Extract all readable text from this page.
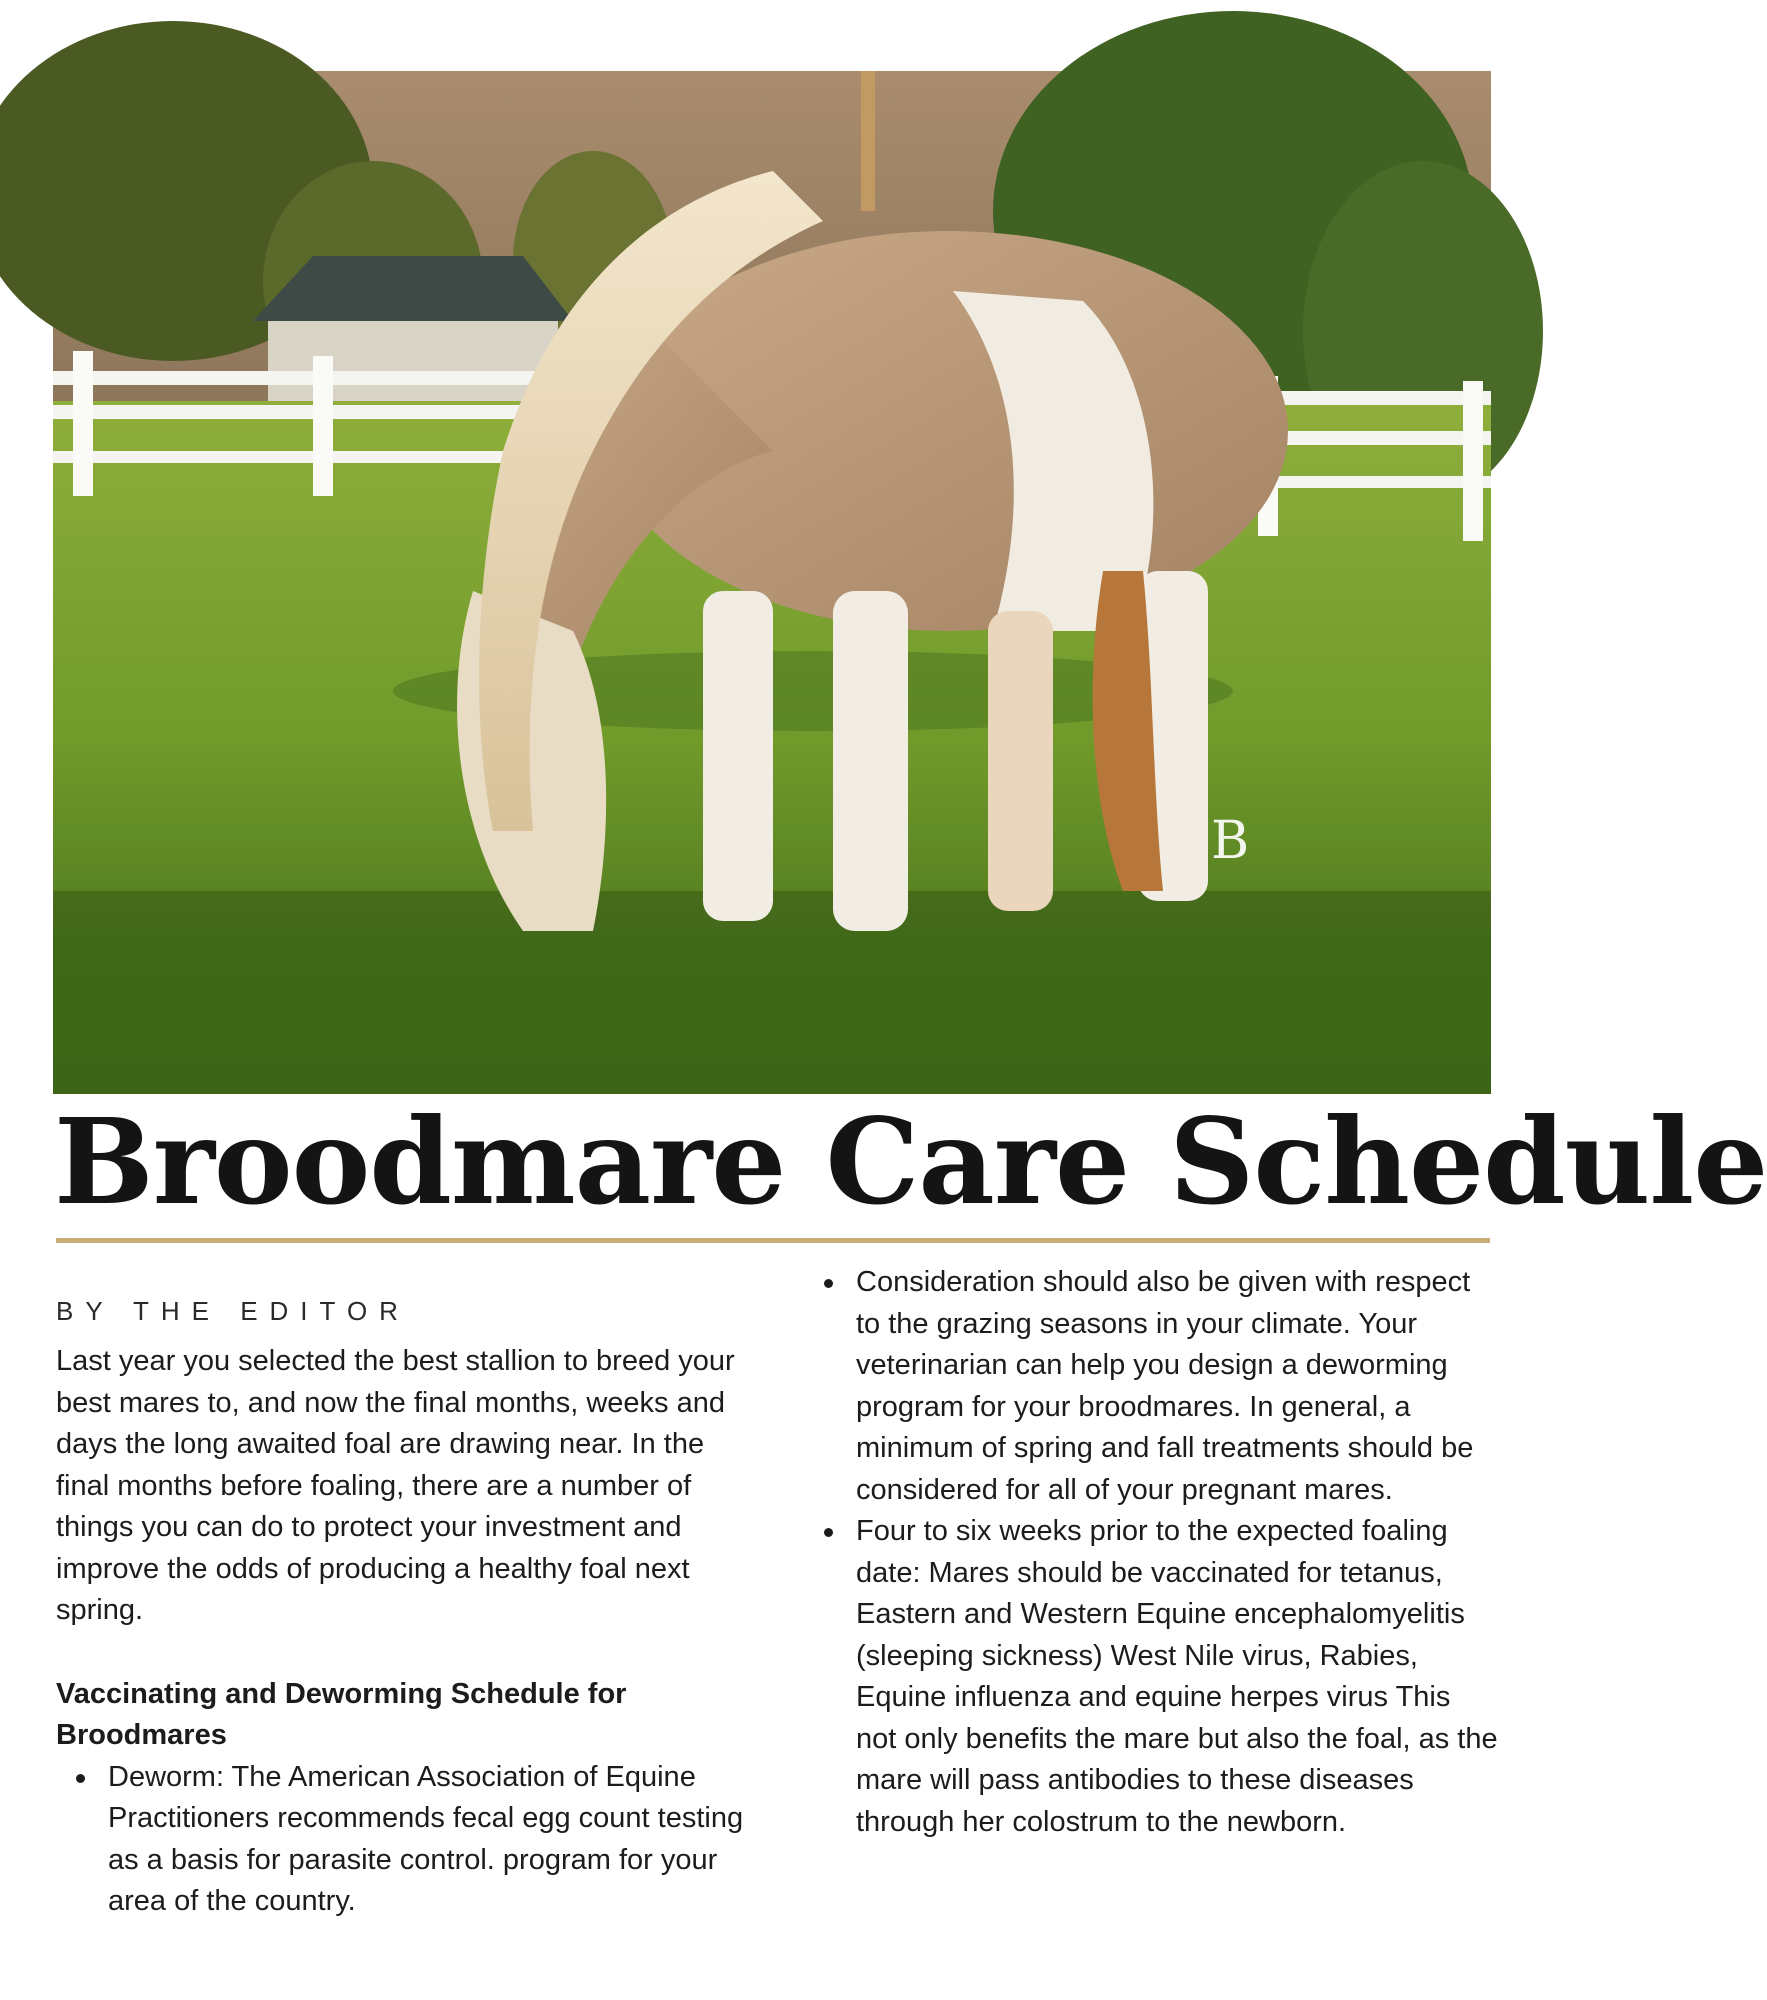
B
Broodmare Care Schedule
BY THE EDITOR

Last year you selected the best stallion to breed your best mares to, and now the final months, weeks and days the long awaited foal are drawing near. In the final months before foaling, there are a number of things you can do to protect your investment and improve the odds of producing a healthy foal next spring.

Vaccinating and Deworming Schedule for Broodmares
Deworm: The American Association of Equine Practitioners recommends fecal egg count testing as a basis for parasite control. program for your area of the country.
Consideration should also be given with respect to the grazing seasons in your climate. Your veterinarian can help you design a deworming program for your broodmares. In general, a minimum of spring and fall treatments should be considered for all of your pregnant mares.
Four to six weeks prior to the expected foaling date: Mares should be vaccinated for tetanus, Eastern and Western Equine encephalomyelitis (sleeping sickness) West Nile virus, Rabies, Equine influenza and equine herpes virus This not only benefits the mare but also the foal, as the mare will pass antibodies to these diseases through her colostrum to the newborn.
